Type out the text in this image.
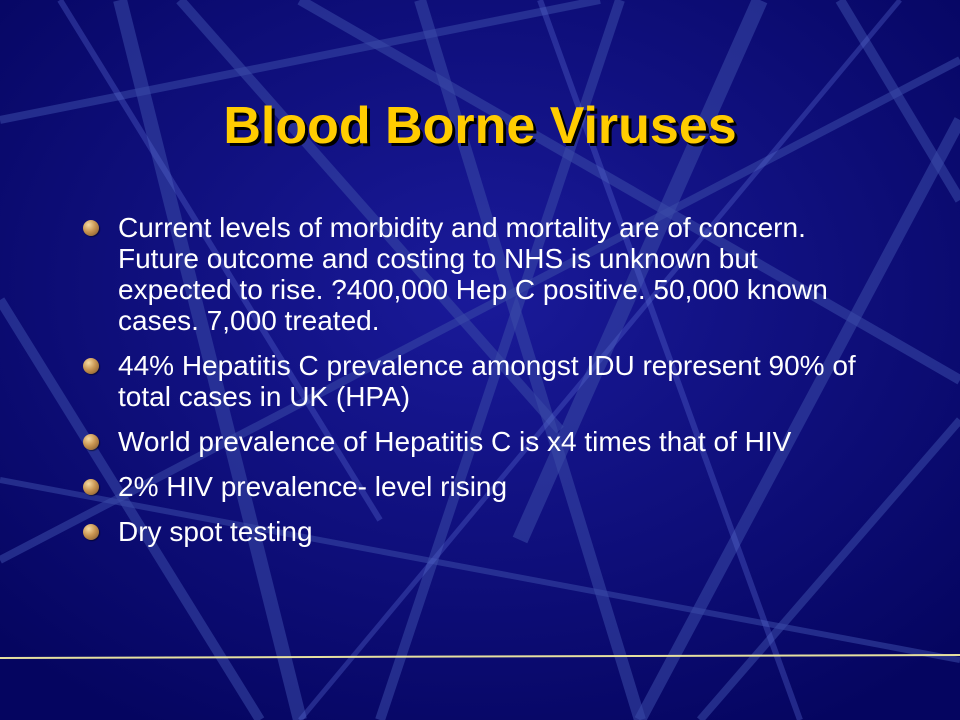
Blood Borne Viruses
Current levels of morbidity and mortality are of concern. Future outcome and costing to NHS is unknown but expected to rise. ?400,000 Hep C positive. 50,000 known cases. 7,000 treated.
44% Hepatitis C prevalence amongst IDU represent 90% of total cases in UK (HPA)
World prevalence of Hepatitis C is x4 times that of HIV
2% HIV prevalence- level rising
Dry spot testing
